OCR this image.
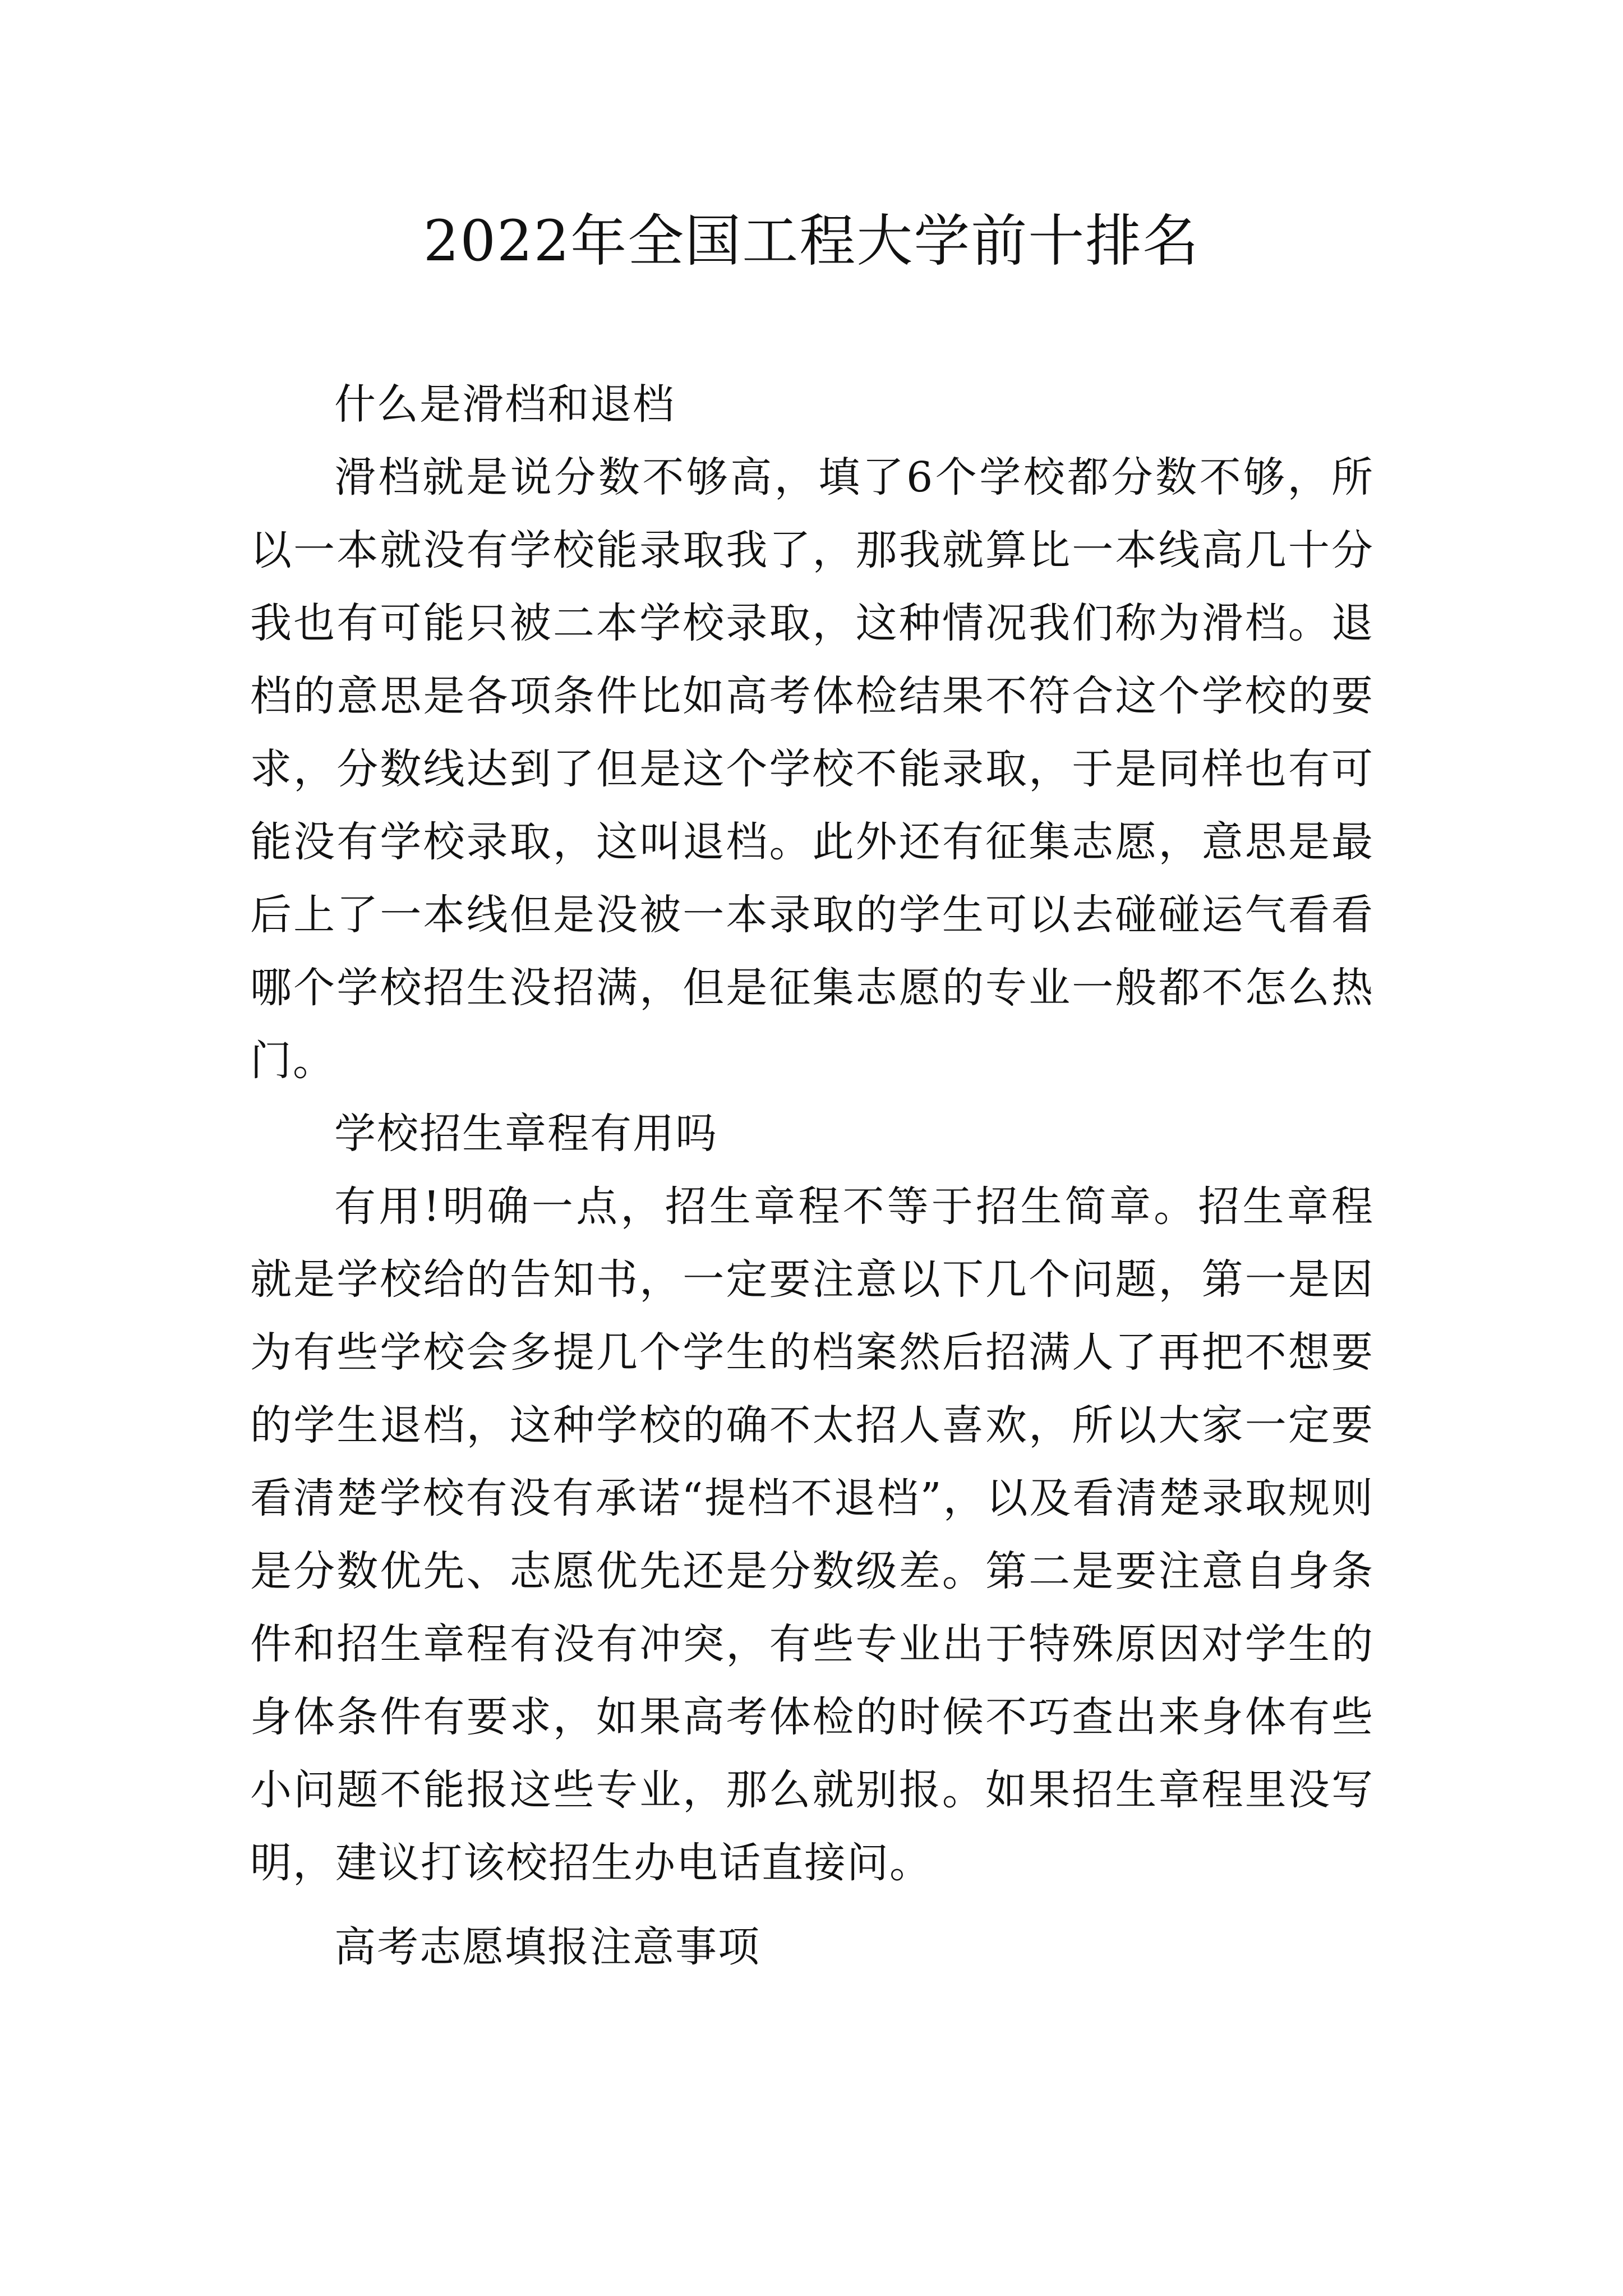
2022年全国工程大学前十排名

什么是滑档和退档

滑档就是说分数不够高，填了6个学校都分数不够，所以一本就没有学校能录取我了，那我就算比一本线高几十分我也有可能只被二本学校录取，这种情况我们称为滑档。退档的意思是各项条件比如高考体检结果不符合这个学校的要求，分数线达到了但是这个学校不能录取，于是同样也有可能没有学校录取，这叫退档。此外还有征集志愿，意思是最后上了一本线但是没被一本录取的学生可以去碰碰运气看看哪个学校招生没招满，但是征集志愿的专业一般都不怎么热门。

学校招生章程有用吗

有用!明确一点，招生章程不等于招生简章。招生章程就是学校给的告知书，一定要注意以下几个问题，第一是因为有些学校会多提几个学生的档案然后招满人了再把不想要的学生退档，这种学校的确不太招人喜欢，所以大家一定要看清楚学校有没有承诺“提档不退档”，以及看清楚录取规则是分数优先、志愿优先还是分数级差。第二是要注意自身条件和招生章程有没有冲突，有些专业出于特殊原因对学生的身体条件有要求，如果高考体检的时候不巧查出来身体有些小问题不能报这些专业，那么就别报。如果招生章程里没写明，建议打该校招生办电话直接问。

高考志愿填报注意事项
